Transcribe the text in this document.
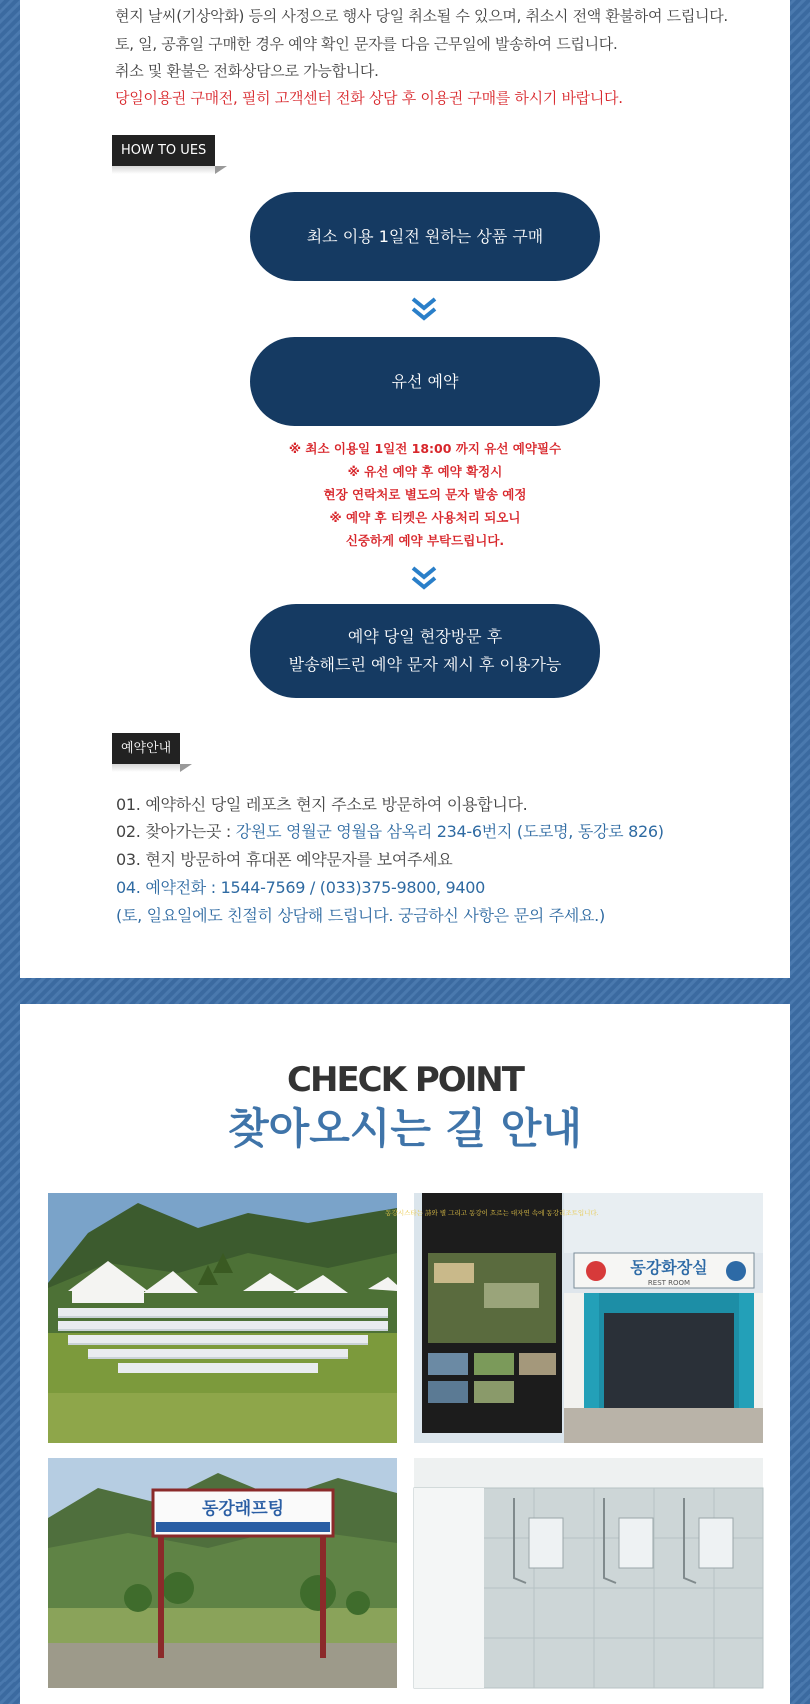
현지 날씨(기상악화) 등의 사정으로 행사 당일 취소될 수 있으며, 취소시 전액 환불하여 드립니다.

토, 일, 공휴일 구매한 경우 예약 확인 문자를 다음 근무일에 발송하여 드립니다.

취소 및 환불은 전화상담으로 가능합니다.

당일이용권 구매전, 필히 고객센터 전화 상담 후 이용권 구매를 하시기 바랍니다.

HOW TO UES
최소 이용 1일전 원하는 상품 구매
유선 예약
※ 최소 이용일 1일전 18:00 까지 유선 예약필수
※ 유선 예약 후 예약 확정시
현장 연락처로 별도의 문자 발송 예정
※ 예약 후 티켓은 사용처리 되오니
신중하게 예약 부탁드립니다.
예약 당일 현장방문 후
발송해드린 예약 문자 제시 후 이용가능
예약안내

01. 예약하신 당일 레포츠 현지 주소로 방문하여 이용합니다.

02. 찾아가는곳 : 강원도 영월군 영월읍 삼옥리 234-6번지 (도로명, 동강로 826)

03. 현지 방문하여 휴대폰 예약문자를 보여주세요

04. 예약전화 : 1544-7569 / (033)375-9800, 9400

(토, 일요일에도 친절히 상담해 드립니다. 궁금하신 사항은 문의 주세요.)

CHECK POINT
찾아오시는 길 안내
동강화장실
REST ROOM
동강시스타는 詩와 별 그리고 동강이 흐르는 대자연 속에 동강리조트입니다.
동강래프팅
